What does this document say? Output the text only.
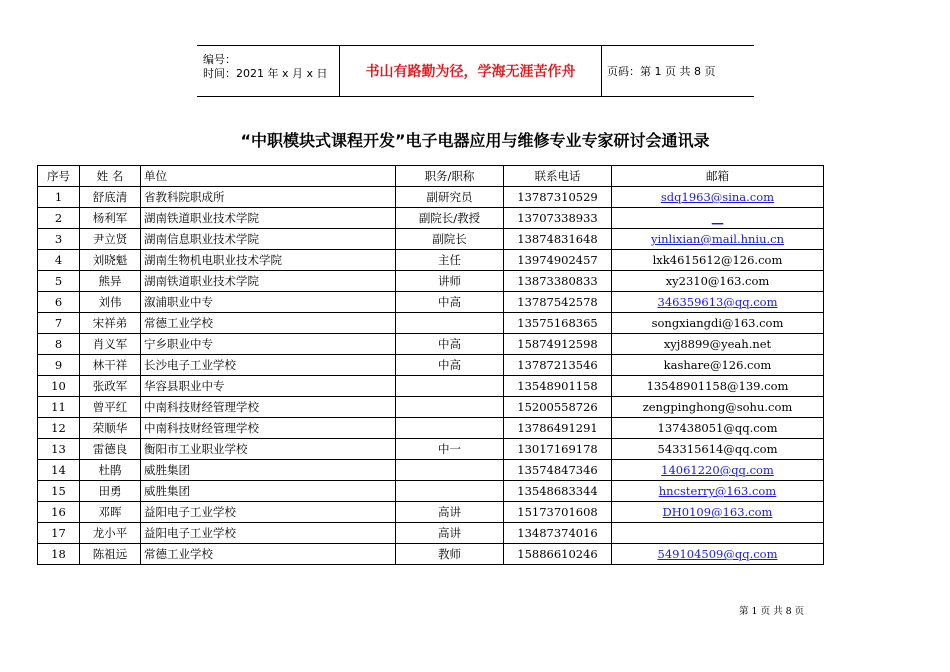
编号：
时间：2021 年 x 月 x 日	书山有路勤为径，学海无涯苦作舟	页码：第 1 页 共 8 页
“中职模块式课程开发”电子电器应用与维修专业专家研讨会通讯录
序号	姓 名	单位	职务/职称	联系电话	邮箱
1	舒底清	省教科院职成所	副研究员	13787310529	sdq1963@sina.com
2	杨利军	湖南铁道职业技术学院	副院长/教授	13707338933	__
3	尹立贤	湖南信息职业技术学院	副院长	13874831648	yinlixian@mail.hniu.cn
4	刘晓魁	湖南生物机电职业技术学院	主任	13974902457	lxk4615612@126.com
5	熊异	湖南铁道职业技术学院	讲师	13873380833	xy2310@163.com
6	刘伟	溆浦职业中专	中高	13787542578	346359613@qq.com
7	宋祥弟	常德工业学校		13575168365	songxiangdi@163.com
8	肖义军	宁乡职业中专	中高	15874912598	xyj8899@yeah.net
9	林干祥	长沙电子工业学校	中高	13787213546	kashare@126.com
10	张政军	华容县职业中专		13548901158	13548901158@139.com
11	曾平红	中南科技财经管理学校		15200558726	zengpinghong@sohu.com
12	荣顺华	中南科技财经管理学校		13786491291	137438051@qq.com
13	雷德良	衡阳市工业职业学校	中一	13017169178	543315614@qq.com
14	杜鹃	威胜集团		13574847346	14061220@qq.com
15	田勇	威胜集团		13548683344	hncsterry@163.com
16	邓晖	益阳电子工业学校	高讲	15173701608	DH0109@163.com
17	龙小平	益阳电子工业学校	高讲	13487374016	
18	陈祖远	常德工业学校	教师	15886610246	549104509@qq.com
第 1 页 共 8 页
